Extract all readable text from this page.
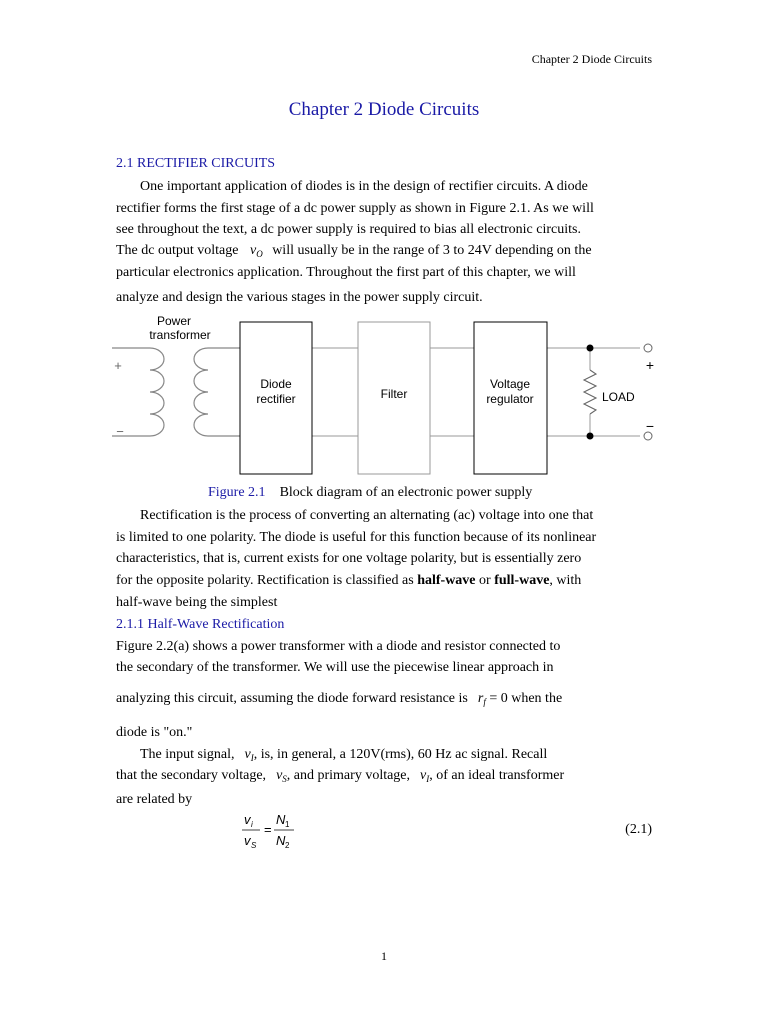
Chapter 2 Diode Circuits
Chapter 2 Diode Circuits
2.1 RECTIFIER CIRCUITS
One important application of diodes is in the design of rectifier circuits. A diode
rectifier forms the first stage of a dc power supply as shown in Figure 2.1. As we will
see throughout the text, a dc power supply is required to bias all electronic circuits.
The dc output voltage $v_O$ will usually be in the range of 3 to 24V depending on the
particular electronics application. Throughout the first part of this chapter, we will
analyze and design the various stages in the power supply circuit.
Power
transformer
+
−
Diode
rectifier	Filter
Voltage
regulator	LOAD
+
−
Figure 2.1 Block diagram of an electronic power supply
Rectification is the process of converting an alternating (ac) voltage into one that
is limited to one polarity. The diode is useful for this function because of its nonlinear
characteristics, that is, current exists for one voltage polarity, but is essentially zero
for the opposite polarity. Rectification is classified as half-wave or full-wave, with
half-wave being the simplest
2.1.1 Half-Wave Rectification
Figure 2.2(a) shows a power transformer with a diode and resistor connected to
the secondary of the transformer. We will use the piecewise linear approach in
analyzing this circuit, assuming the diode forward resistance is $r_f = 0$ when the
diode is "on."
The input signal, $v_I$, is, in general, a 120V(rms), 60 Hz ac signal. Recall
that the secondary voltage, $v_S$, and primary voltage, $v_I$, of an ideal transformer
are related by
v i
v S
=
N 1
N 2
(2.1)
1
